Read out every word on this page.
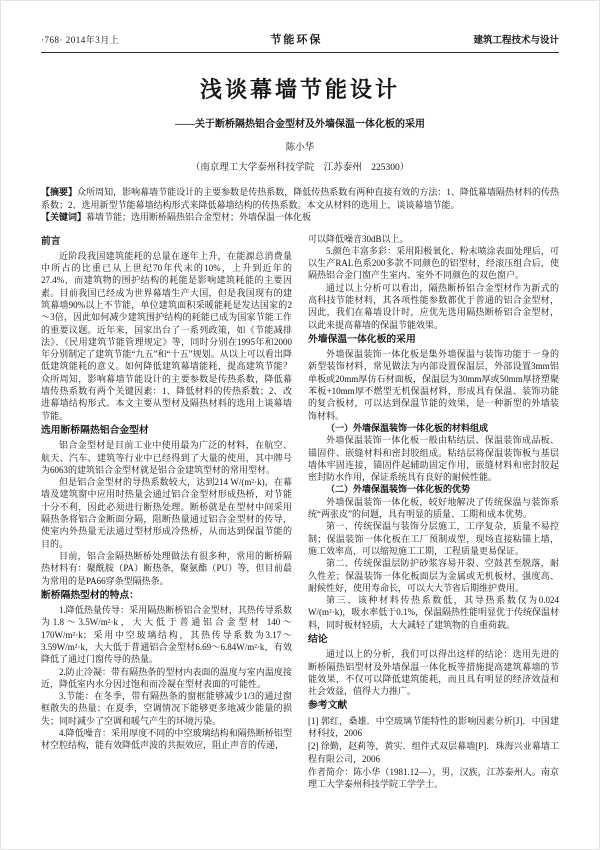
·768· 2014年3月上	节能环保	建筑工程技术与设计
浅谈幕墙节能设计
——关于断桥隔热铝合金型材及外墙保温一体化板的采用
陈小华
（南京理工大学泰州科技学院　江苏泰州　225300）

【摘要】众所周知，影响幕墙节能设计的主要参数是传热系数，降低传热系数有两种直接有效的方法：1、降低幕墙隔热材料的传热系数；2、选用新型节能幕墙结构形式来降低幕墙结构的传热系数。本文从材料的选用上，谈谈幕墙节能。

【关键词】幕墙节能；选用断桥隔热铝合金型材；外墙保温一体化板

前言
近阶段我国建筑能耗的总量在逐年上升，在能源总消费量中所占的比重已从上世纪70年代末的10%，上升到近年的27.4%，而建筑物的围护结构的耗能是影响建筑耗能的主要因素。目前我国已经成为世界幕墙生产大国，但是我国现有的建筑幕墙90%以上不节能，单位建筑面积采暖能耗是发达国家的2～3倍，因此如何减少建筑围护结构的耗能已成为国家节能工作的重要议题。近年来，国家出台了一系列政策，如《节能减排法》、《民用建筑节能管理规定》等，同时分别在1995年和2000年分别制定了建筑节能“九五”和“十五”规划。从以上可以看出降低建筑能耗的意义。如何降低建筑幕墙能耗，提高建筑节能？众所周知，影响幕墙节能设计的主要参数是传热系数，降低幕墙传热系数有两个关键因素：1、降低材料的传热系数；2、改进幕墙结构形式。本文主要从型材及隔热材料的选用上谈幕墙节能。
选用断桥隔热铝合金型材
铝合金型材是目前工业中使用最为广泛的材料，在航空、航天、汽车、建筑等行业中已经得到了大量的使用，其中牌号为6063的建筑铝合金型材就是铝合金建筑型材的常用型材。
但是铝合金型材的导热系数较大，达到214 W/(m²·k)，在幕墙及建筑窗中应用时热量会通过铝合金型材形成热桥，对节能十分不利，因此必须进行断热处理。断桥就是在型材中间采用隔热条将铝合金断面分隔，阻断热量通过铝合金型材的传导，使室内外热量无法通过型材形成冷热桥，从而达到保温节能的目的。
目前，铝合金隔热断桥处理做法有很多种，常用的断桥隔热材料有：聚酰胺（PA）断热条，聚氨酯（PU）等，但目前最为常用的是PA66穿条型隔热条。
断桥隔热型材的特点：
1.降低热量传导：采用隔热断桥铝合金型材，其热传导系数为1.8～3.5W/m²·k，大大低于普通铝合金型材 140～170W/m²·k；采用中空玻璃结构，其热传导系数为3.17～3.59W/m²·k，大大低于普通铝合金型材6.69～6.84W/m²·k，有效降低了通过门窗传导的热量。
2.防止冷凝：带有隔热条的型材内表面的温度与室内温度接近，降低室内水分因过饱和而冷凝在型材表面的可能性。
3.节能：在冬季，带有隔热条的窗框能够减少1/3的通过窗框散失的热量；在夏季，空调情况下能够更多地减少能量的损失；同时减少了空调和暖气产生的环境污染。
4.降低噪音：采用厚度不同的中空玻璃结构和隔热断桥铝型材空腔结构，能有效降低声波的共振效应，阻止声音的传递，
可以降低噪音30dB以上。
5.颜色丰富多彩：采用阳极氧化、粉末喷涂表面处理后，可以生产RAL色系200多款不同颜色的铝型材，经滚压组合后，使隔热铝合金门窗产生室内、室外不同颜色的双色窗户。
通过以上分析可以看出，隔热断桥铝合金型材作为新式的高科技节能材料，其各项性能参数都优于普通的铝合金型材，因此，我们在幕墙设计时，应优先选用隔热断桥铝合金型材，以此来提高幕墙的保温节能效果。
外墙保温一体化板的采用
外墙保温装饰一体化板是集外墙保温与装饰功能于一身的新型装饰材料，常见做法为内部设置保温层，外部设置3mm铝单板或20mm厚仿石材面板，保温层为30mm厚或50mm厚挤塑聚苯板+10mm厚不燃型无机保温材料，形成具有保温、装饰功能的复合板材，可以达到保温节能的效果，是一种新型的外墙装饰材料。
（一）外墙保温装饰一体化板的材料组成
外墙保温装饰一体化板一般由粘结层、保温装饰成品板、锚固件、嵌缝材料和密封胶组成。粘结层将保温装饰板与基层墙体牢固连接，锚固件起辅助固定作用，嵌缝材料和密封胶起密封防水作用，保证系统具有良好的耐候性能。
（二）外墙保温装饰一体化板的优势
外墙保温装饰一体化板，较好地解决了传统保温与装饰系统“两张皮”的问题，具有明显的质量、工期和成本优势。
第一、传统保温与装饰分层施工，工序复杂，质量不易控制；保温装饰一体化板在工厂预制成型，现场直接粘锚上墙，施工效率高，可以缩短施工工期，工程质量更易保证。
第二、传统保温层防护砂浆容易开裂、空鼓甚至脱落，耐久性差；保温装饰一体化板面层为金属或无机板材，强度高、耐候性好，使用寿命长，可以大大节省后期维护费用。
第三、该种材料传热系数低，其导热系数仅为0.024 W/(m²·k)，吸水率低于0.1%，保温隔热性能明显优于传统保温材料，同时板材轻质，大大减轻了建筑物的自重荷载。
结论
通过以上的分析，我们可以得出这样的结论：选用先进的断桥隔热铝型材及外墙保温一体化板等措施提高建筑幕墙的节能效果，不仅可以降低建筑能耗，而且具有明显的经济效益和社会效益，值得大力推广。
参考文献
[1] 郭红，桑雄．中空玻璃节能特性的影响因素分析[J]．中国建材科技，2006
[2] 徐勤，赵莉等，黄实．组件式双层幕墙[P]．珠海兴业幕墙工程有限公司，2006
作者简介：陈小华（1981.12—），男，汉族，江苏泰州人。南京理工大学泰州科技学院工学学士。
